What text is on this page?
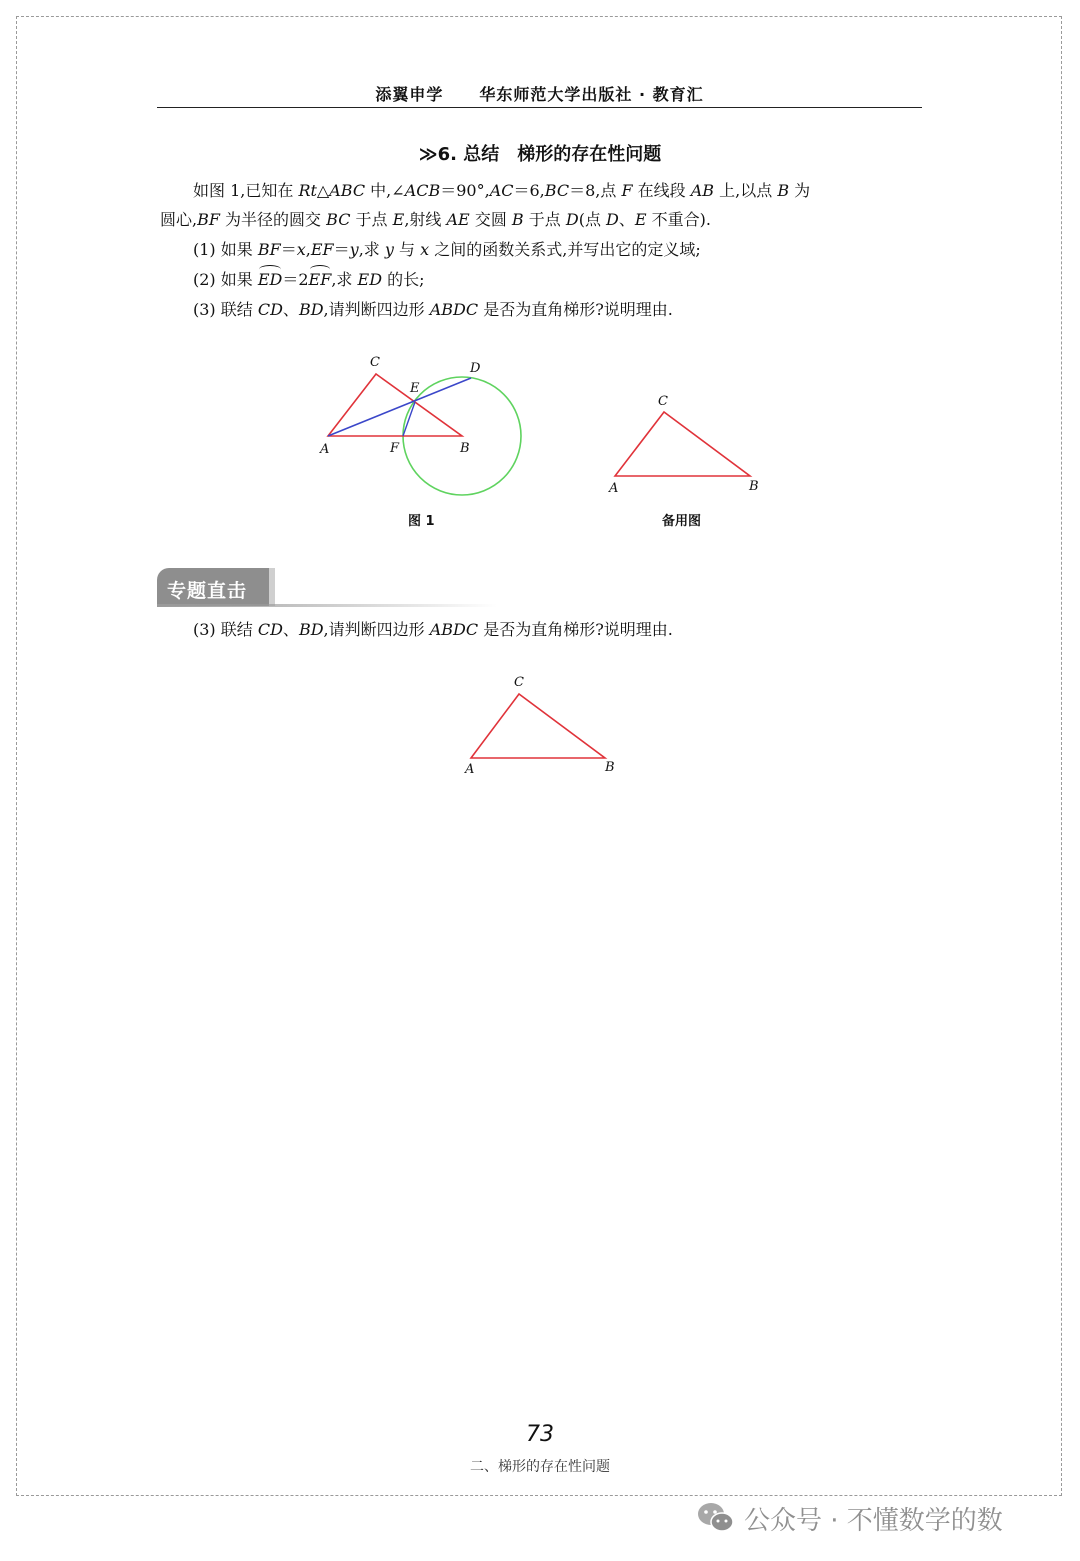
添翼申学 华东师范大学出版社 · 教育汇
≫6. 总结 梯形的存在性问题
如图 1,已知在 Rt△ABC 中,∠ACB＝90°,AC＝6,BC＝8,点 F 在线段 AB 上,以点 B 为
圆心,BF 为半径的圆交 BC 于点 E,射线 AE 交圆 B 于点 D(点 D、E 不重合).
(1) 如果 BF＝x,EF＝y,求 y 与 x 之间的函数关系式,并写出它的定义域;
(2) 如果 ED＝2EF,求 ED 的长;
(3) 联结 CD、BD,请判断四边形 ABDC 是否为直角梯形?说明理由.
A
C
E
D
F	B
图 1
A
C
B
备用图
专题直击
(3) 联结 CD、BD,请判断四边形 ABDC 是否为直角梯形?说明理由.
A
C
B
73
二、梯形的存在性问题
公众号 · 不懂数学的数
